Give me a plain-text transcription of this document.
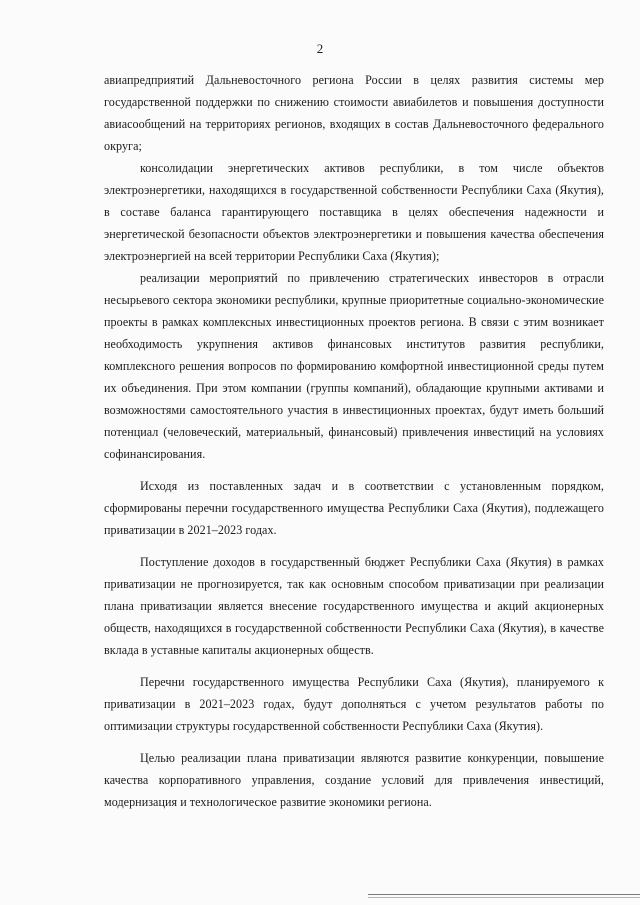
2

авиапредприятий Дальневосточного региона России в целях развития системы мер государственной поддержки по снижению стоимости авиабилетов и повышения доступности авиасообщений на территориях регионов, входящих в состав Дальневосточного федерального округа;

консолидации энергетических активов республики, в том числе объектов электроэнергетики, находящихся в государственной собственности Республики Саха (Якутия), в составе баланса гарантирующего поставщика в целях обеспечения надежности и энергетической безопасности объектов электроэнергетики и повышения качества обеспечения электроэнергией на всей территории Республики Саха (Якутия);

реализации мероприятий по привлечению стратегических инвесторов в отрасли несырьевого сектора экономики республики, крупные приоритетные социально-экономические проекты в рамках комплексных инвестиционных проектов региона. В связи с этим возникает необходимость укрупнения активов финансовых институтов развития республики, комплексного решения вопросов по формированию комфортной инвестиционной среды путем их объединения. При этом компании (группы компаний), обладающие крупными активами и возможностями самостоятельного участия в инвестиционных проектах, будут иметь больший потенциал (человеческий, материальный, финансовый) привлечения инвестиций на условиях софинансирования.

Исходя из поставленных задач и в соответствии с установленным порядком, сформированы перечни государственного имущества Республики Саха (Якутия), подлежащего приватизации в 2021–2023 годах.

Поступление доходов в государственный бюджет Республики Саха (Якутия) в рамках приватизации не прогнозируется, так как основным способом приватизации при реализации плана приватизации является внесение государственного имущества и акций акционерных обществ, находящихся в государственной собственности Республики Саха (Якутия), в качестве вклада в уставные капиталы акционерных обществ.

Перечни государственного имущества Республики Саха (Якутия), планируемого к приватизации в 2021–2023 годах, будут дополняться с учетом результатов работы по оптимизации структуры государственной собственности Республики Саха (Якутия).

Целью реализации плана приватизации являются развитие конкуренции, повышение качества корпоративного управления, создание условий для привлечения инвестиций, модернизация и технологическое развитие экономики региона.
